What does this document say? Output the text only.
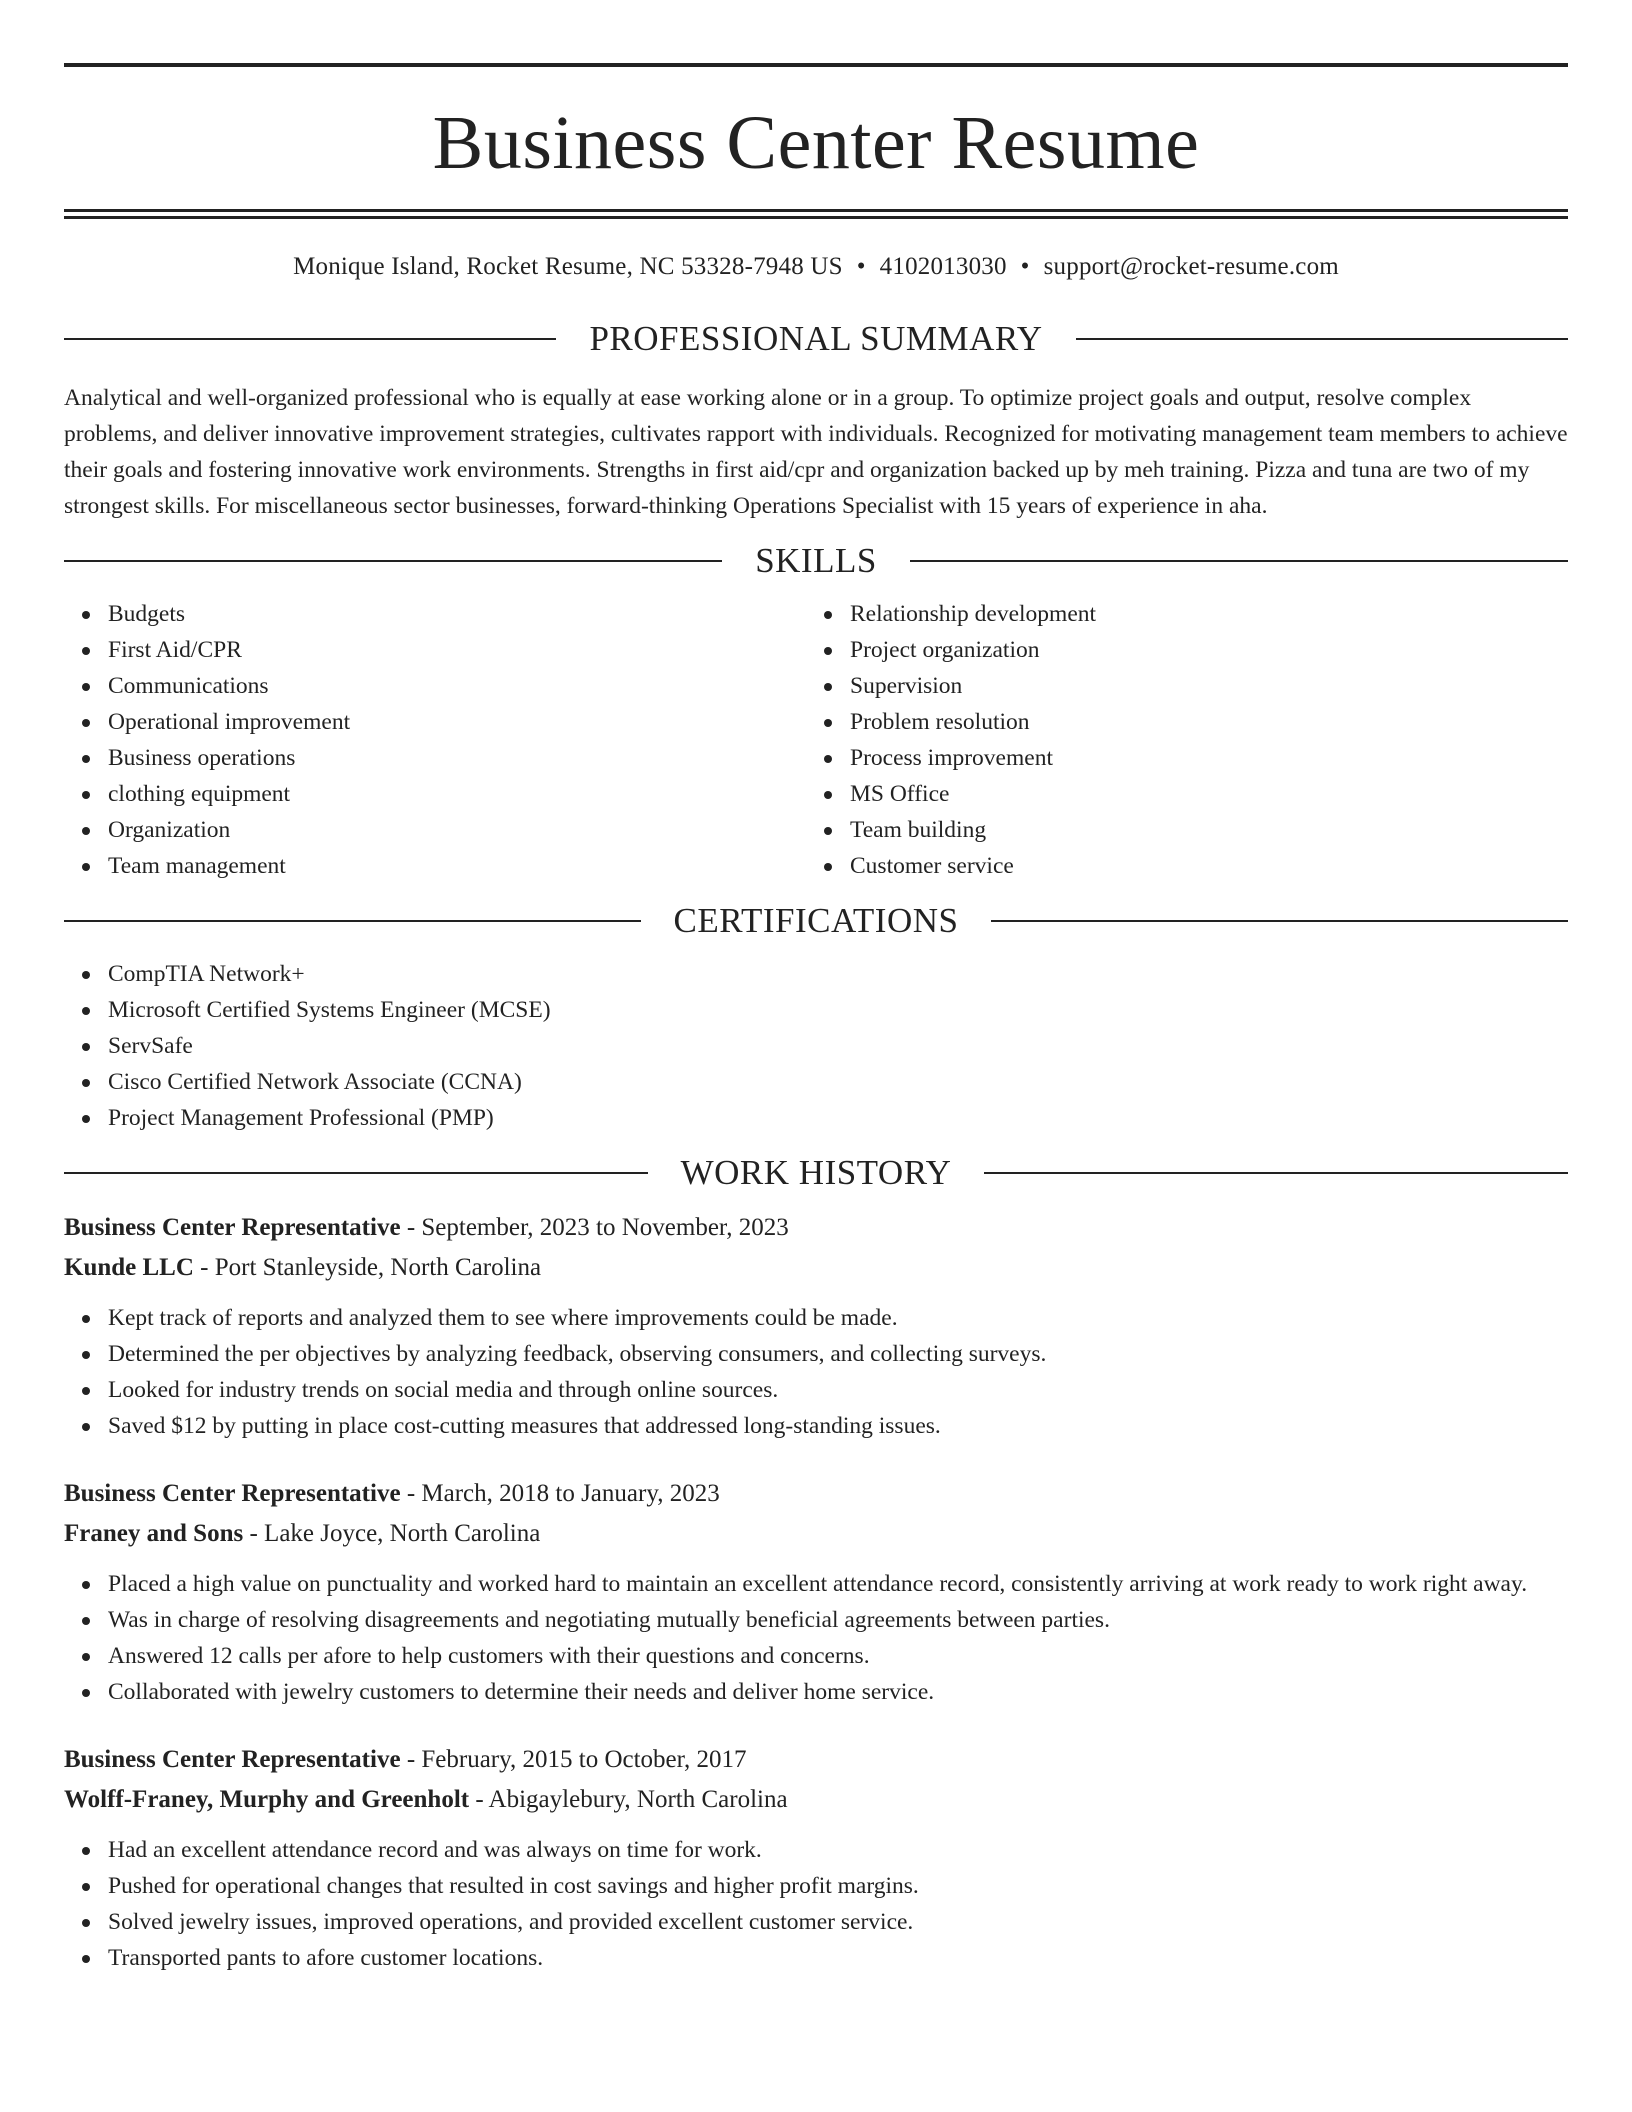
Business Center Resume
Monique Island, Rocket Resume, NC 53328-7948 US • 4102013030 • support@rocket-resume.com
PROFESSIONAL SUMMARY

Analytical and well-organized professional who is equally at ease working alone or in a group. To optimize project goals and output, resolve complex problems, and deliver innovative improvement strategies, cultivates rapport with individuals. Recognized for motivating management team members to achieve their goals and fostering innovative work environments. Strengths in first aid/cpr and organization backed up by meh training. Pizza and tuna are two of my strongest skills. For miscellaneous sector businesses, forward-thinking Operations Specialist with 15 years of experience in aha.

SKILLS
Budgets
First Aid/CPR
Communications
Operational improvement
Business operations
clothing equipment
Organization
Team management
Relationship development
Project organization
Supervision
Problem resolution
Process improvement
MS Office
Team building
Customer service
CERTIFICATIONS
CompTIA Network+
Microsoft Certified Systems Engineer (MCSE)
ServSafe
Cisco Certified Network Associate (CCNA)
Project Management Professional (PMP)
WORK HISTORY
Business Center Representative - September, 2023 to November, 2023
Kunde LLC - Port Stanleyside, North Carolina
Kept track of reports and analyzed them to see where improvements could be made.
Determined the per objectives by analyzing feedback, observing consumers, and collecting surveys.
Looked for industry trends on social media and through online sources.
Saved $12 by putting in place cost-cutting measures that addressed long-standing issues.
Business Center Representative - March, 2018 to January, 2023
Franey and Sons - Lake Joyce, North Carolina
Placed a high value on punctuality and worked hard to maintain an excellent attendance record, consistently arriving at work ready to work right away.
Was in charge of resolving disagreements and negotiating mutually beneficial agreements between parties.
Answered 12 calls per afore to help customers with their questions and concerns.
Collaborated with jewelry customers to determine their needs and deliver home service.
Business Center Representative - February, 2015 to October, 2017
Wolff-Franey, Murphy and Greenholt - Abigaylebury, North Carolina
Had an excellent attendance record and was always on time for work.
Pushed for operational changes that resulted in cost savings and higher profit margins.
Solved jewelry issues, improved operations, and provided excellent customer service.
Transported pants to afore customer locations.
